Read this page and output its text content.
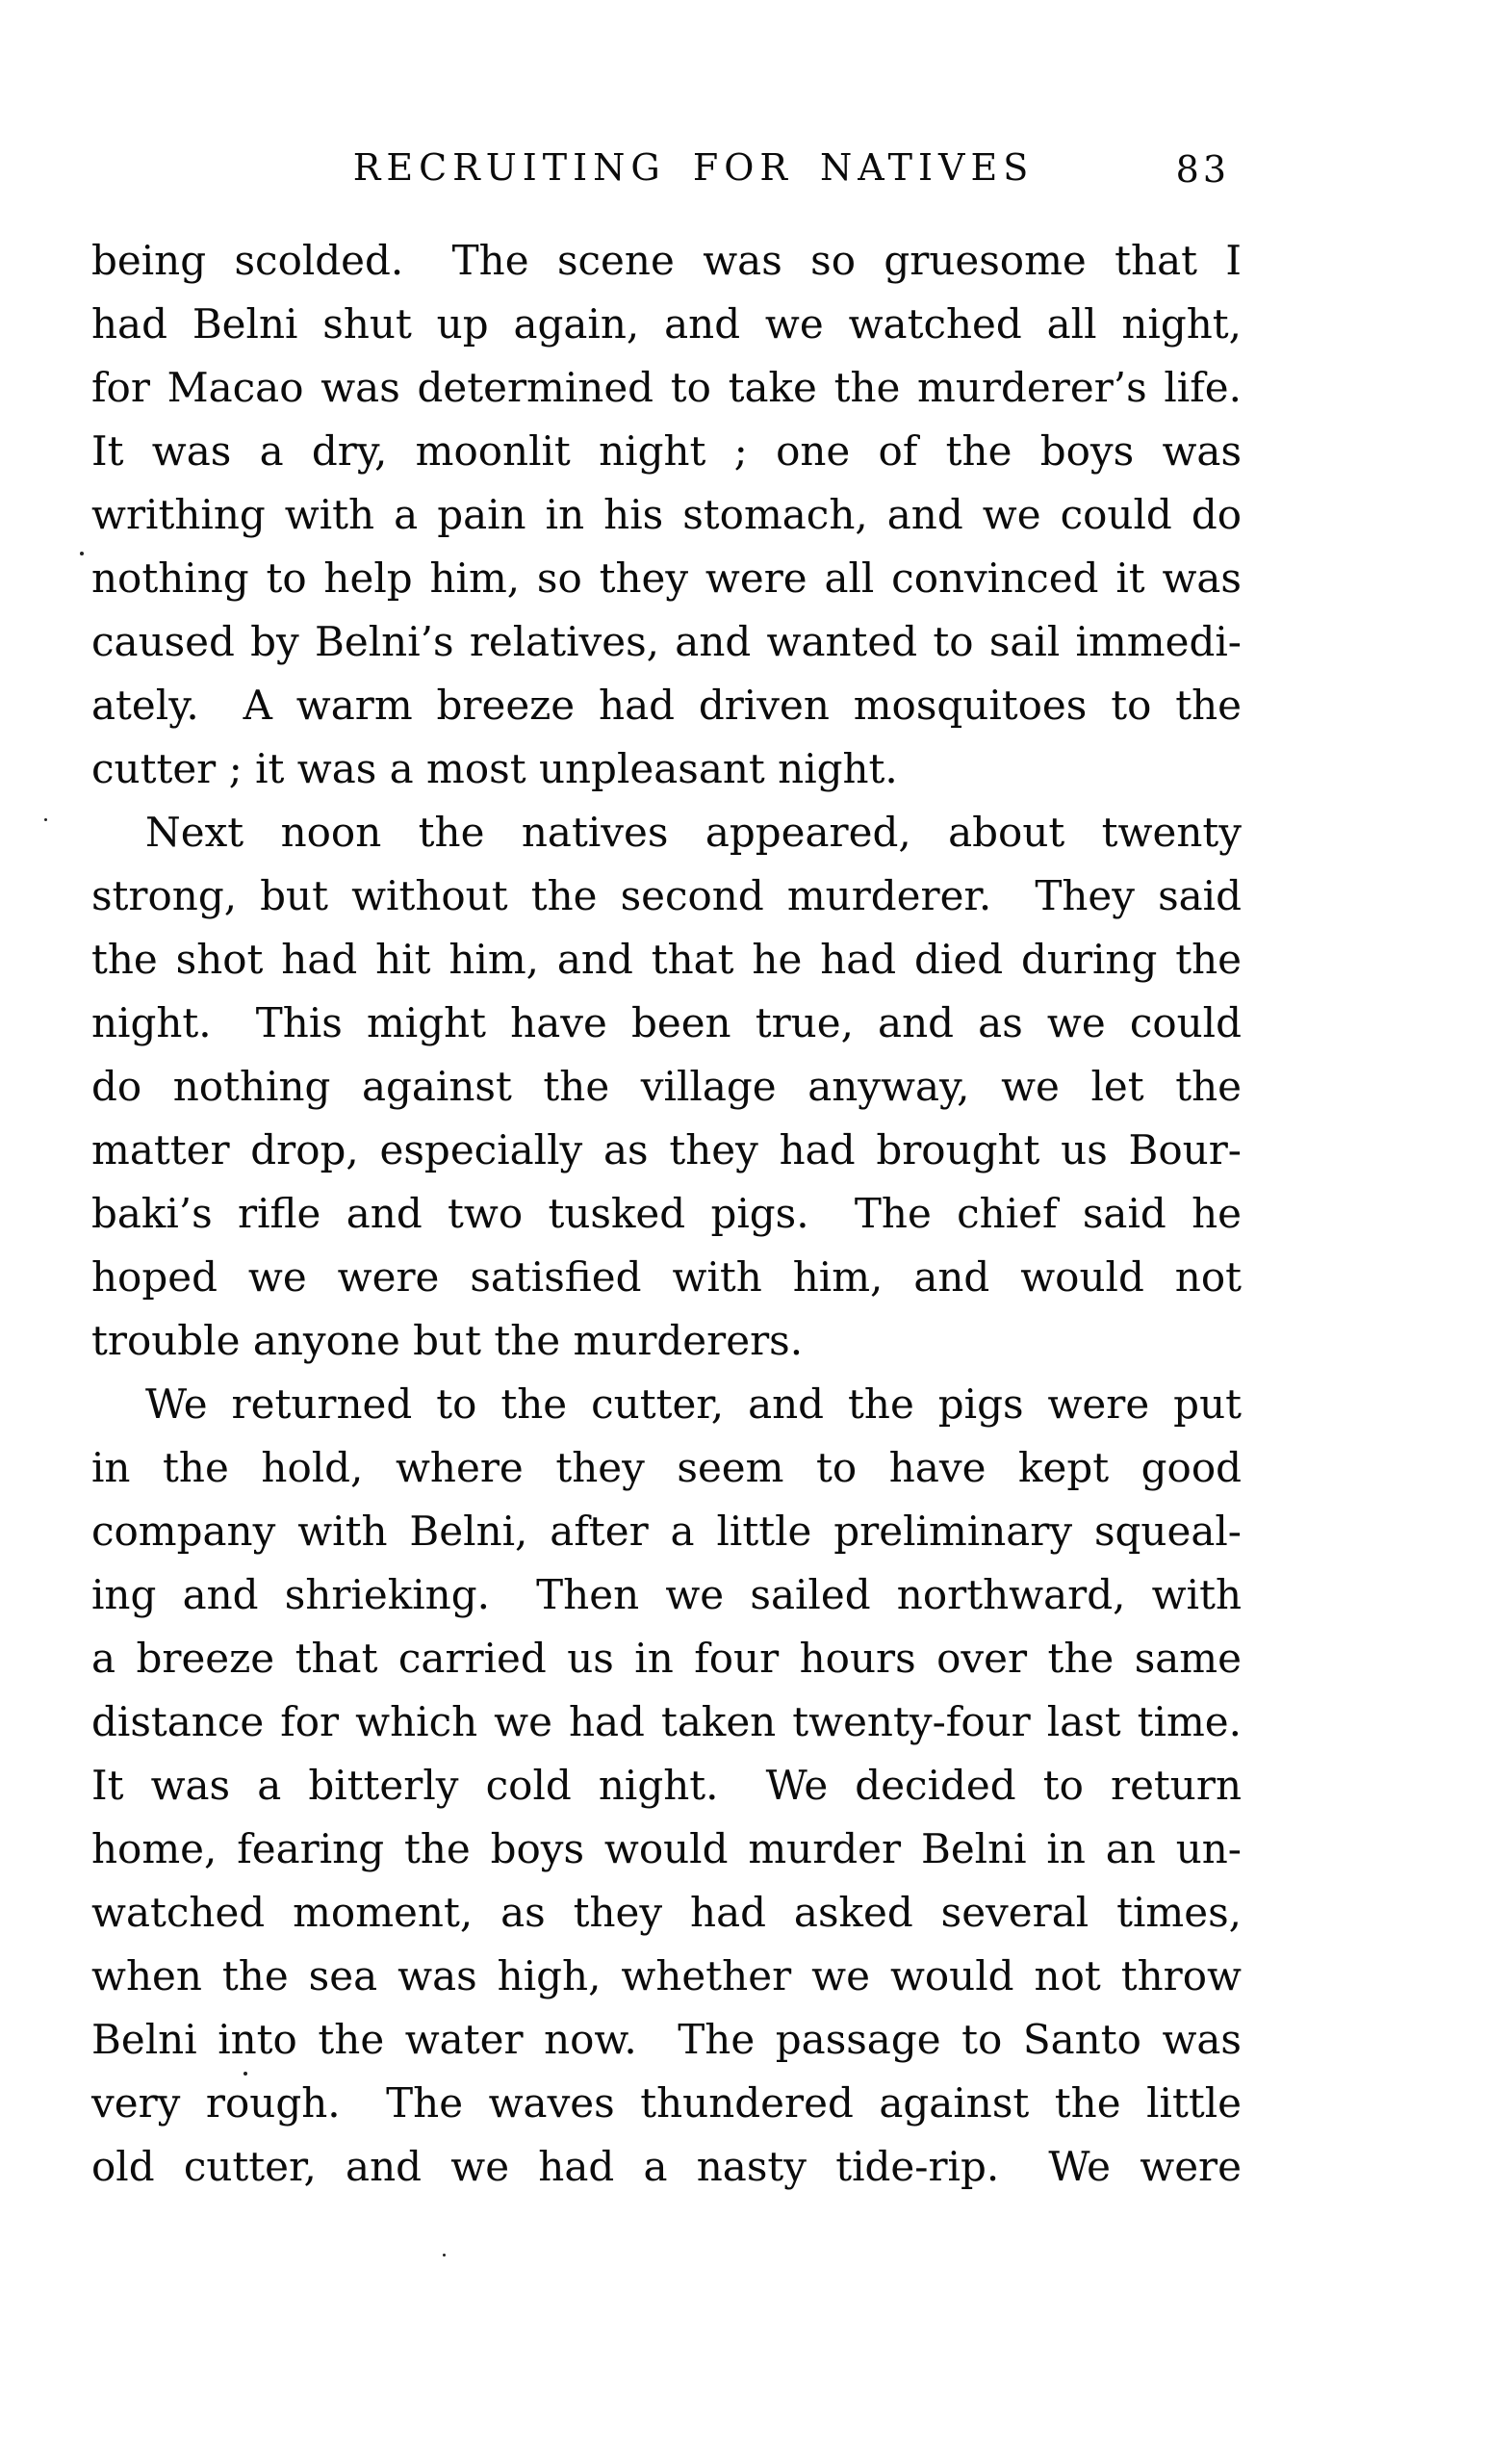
RECRUITING FOR NATIVES	83
being scolded.  The scene was so gruesome that I
had Belni shut up again, and we watched all night,
for Macao was determined to take the murderer’s life.
It was a dry, moonlit night ; one of the boys was
writhing with a pain in his stomach, and we could do
nothing to help him, so they were all convinced it was
caused by Belni’s relatives, and wanted to sail immedi-
ately.  A warm breeze had driven mosquitoes to the
cutter ; it was a most unpleasant night.
Next noon the natives appeared, about twenty
strong, but without the second murderer.  They said
the shot had hit him, and that he had died during the
night.  This might have been true, and as we could
do nothing against the village anyway, we let the
matter drop, especially as they had brought us Bour-
baki’s rifle and two tusked pigs.  The chief said he
hoped we were satisfied with him, and would not
trouble anyone but the murderers.
We returned to the cutter, and the pigs were put
in the hold, where they seem to have kept good
company with Belni, after a little preliminary squeal-
ing and shrieking.  Then we sailed northward, with
a breeze that carried us in four hours over the same
distance for which we had taken twenty-four last time.
It was a bitterly cold night.  We decided to return
home, fearing the boys would murder Belni in an un-
watched moment, as they had asked several times,
when the sea was high, whether we would not throw
Belni into the water now.  The passage to Santo was
very rough.  The waves thundered against the little
old cutter, and we had a nasty tide-rip.  We were
